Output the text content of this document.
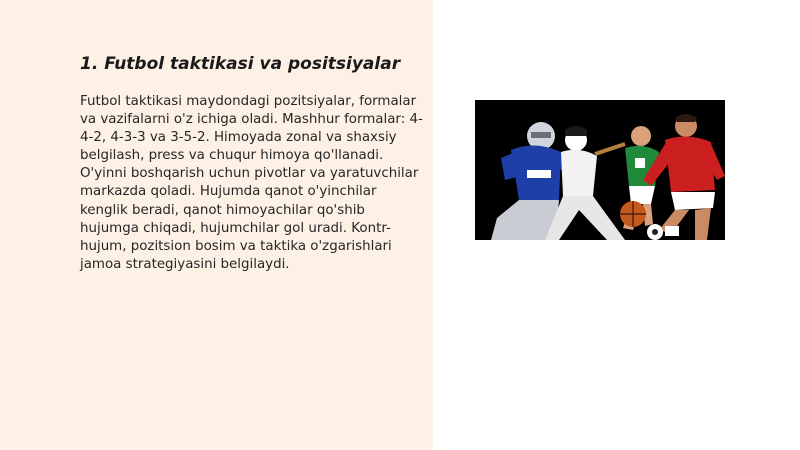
1. Futbol taktikasi va positsiyalar

Futbol taktikasi maydondagi pozitsiyalar, formalar va vazifalarni o'z ichiga oladi. Mashhur formalar: 4-4-2, 4-3-3 va 3-5-2. Himoyada zonal va shaxsiy belgilash, press va chuqur himoya qo'llanadi. O'yinni boshqarish uchun pivotlar va yaratuvchilar markazda qoladi. Hujumda qanot o'yinchilar kenglik beradi, qanot himoyachilar qo'shib hujumga chiqadi, hujumchilar gol uradi. Kontr-hujum, pozitsion bosim va taktika o'zgarishlari jamoa strategiyasini belgilaydi.
